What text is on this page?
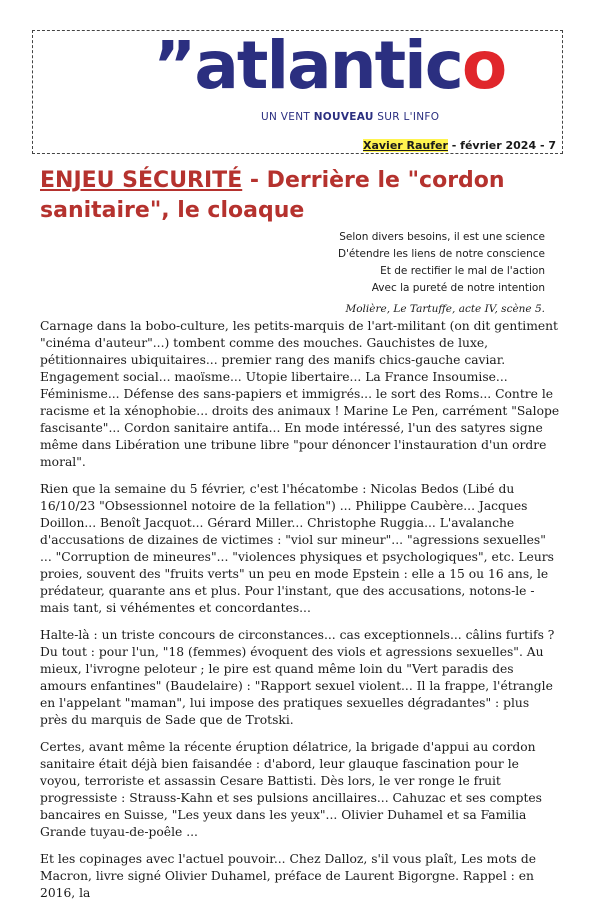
”atlantico
UN VENT NOUVEAU SUR L'INFO
Xavier Raufer - février 2024 - 7
ENJEU SÉCURITÉ - Derrière le "cordon sanitaire", le cloaque
Selon divers besoins, il est une science
D'étendre les liens de notre conscience
Et de rectifier le mal de l'action
Avec la pureté de notre intention
Molière, Le Tartuffe, acte IV, scène 5.

Carnage dans la bobo-culture, les petits-marquis de l'art-militant (on dit gentiment "cinéma d'auteur"...) tombent comme des mouches. Gauchistes de luxe, pétitionnaires ubiquitaires... premier rang des manifs chics-gauche caviar. Engagement social... maoïsme... Utopie libertaire... La France Insoumise... Féminisme... Défense des sans-papiers et immigrés... le sort des Roms... Contre le racisme et la xénophobie... droits des animaux ! Marine Le Pen, carrément "Salope fascisante"... Cordon sanitaire antifa... En mode intéressé, l'un des satyres signe même dans Libération une tribune libre "pour dénoncer l'instauration d'un ordre moral".

Rien que la semaine du 5 février, c'est l'hécatombe : Nicolas Bedos (Libé du 16/10/23 "Obsessionnel notoire de la fellation") ... Philippe Caubère... Jacques Doillon... Benoît Jacquot... Gérard Miller... Christophe Ruggia... L'avalanche d'accusations de dizaines de victimes : "viol sur mineur"... "agressions sexuelles" ... "Corruption de mineures"... "violences physiques et psychologiques", etc. Leurs proies, souvent des "fruits verts" un peu en mode Epstein : elle a 15 ou 16 ans, le prédateur, quarante ans et plus. Pour l'instant, que des accusations, notons-le - mais tant, si véhémentes et concordantes...

Halte-là : un triste concours de circonstances... cas exceptionnels... câlins furtifs ? Du tout : pour l'un, "18 (femmes) évoquent des viols et agressions sexuelles". Au mieux, l'ivrogne peloteur ; le pire est quand même loin du "Vert paradis des amours enfantines" (Baudelaire) : "Rapport sexuel violent... Il la frappe, l'étrangle en l'appelant "maman", lui impose des pratiques sexuelles dégradantes" : plus près du marquis de Sade que de Trotski.

Certes, avant même la récente éruption délatrice, la brigade d'appui au cordon sanitaire était déjà bien faisandée : d'abord, leur glauque fascination pour le voyou, terroriste et assassin Cesare Battisti. Dès lors, le ver ronge le fruit progressiste : Strauss-Kahn et ses pulsions ancillaires... Cahuzac et ses comptes bancaires en Suisse, "Les yeux dans les yeux"... Olivier Duhamel et sa Familia Grande tuyau-de-poêle ...

Et les copinages avec l'actuel pouvoir... Chez Dalloz, s'il vous plaît, Les mots de Macron, livre signé Olivier Duhamel, préface de Laurent Bigorgne. Rappel : en 2016, la
